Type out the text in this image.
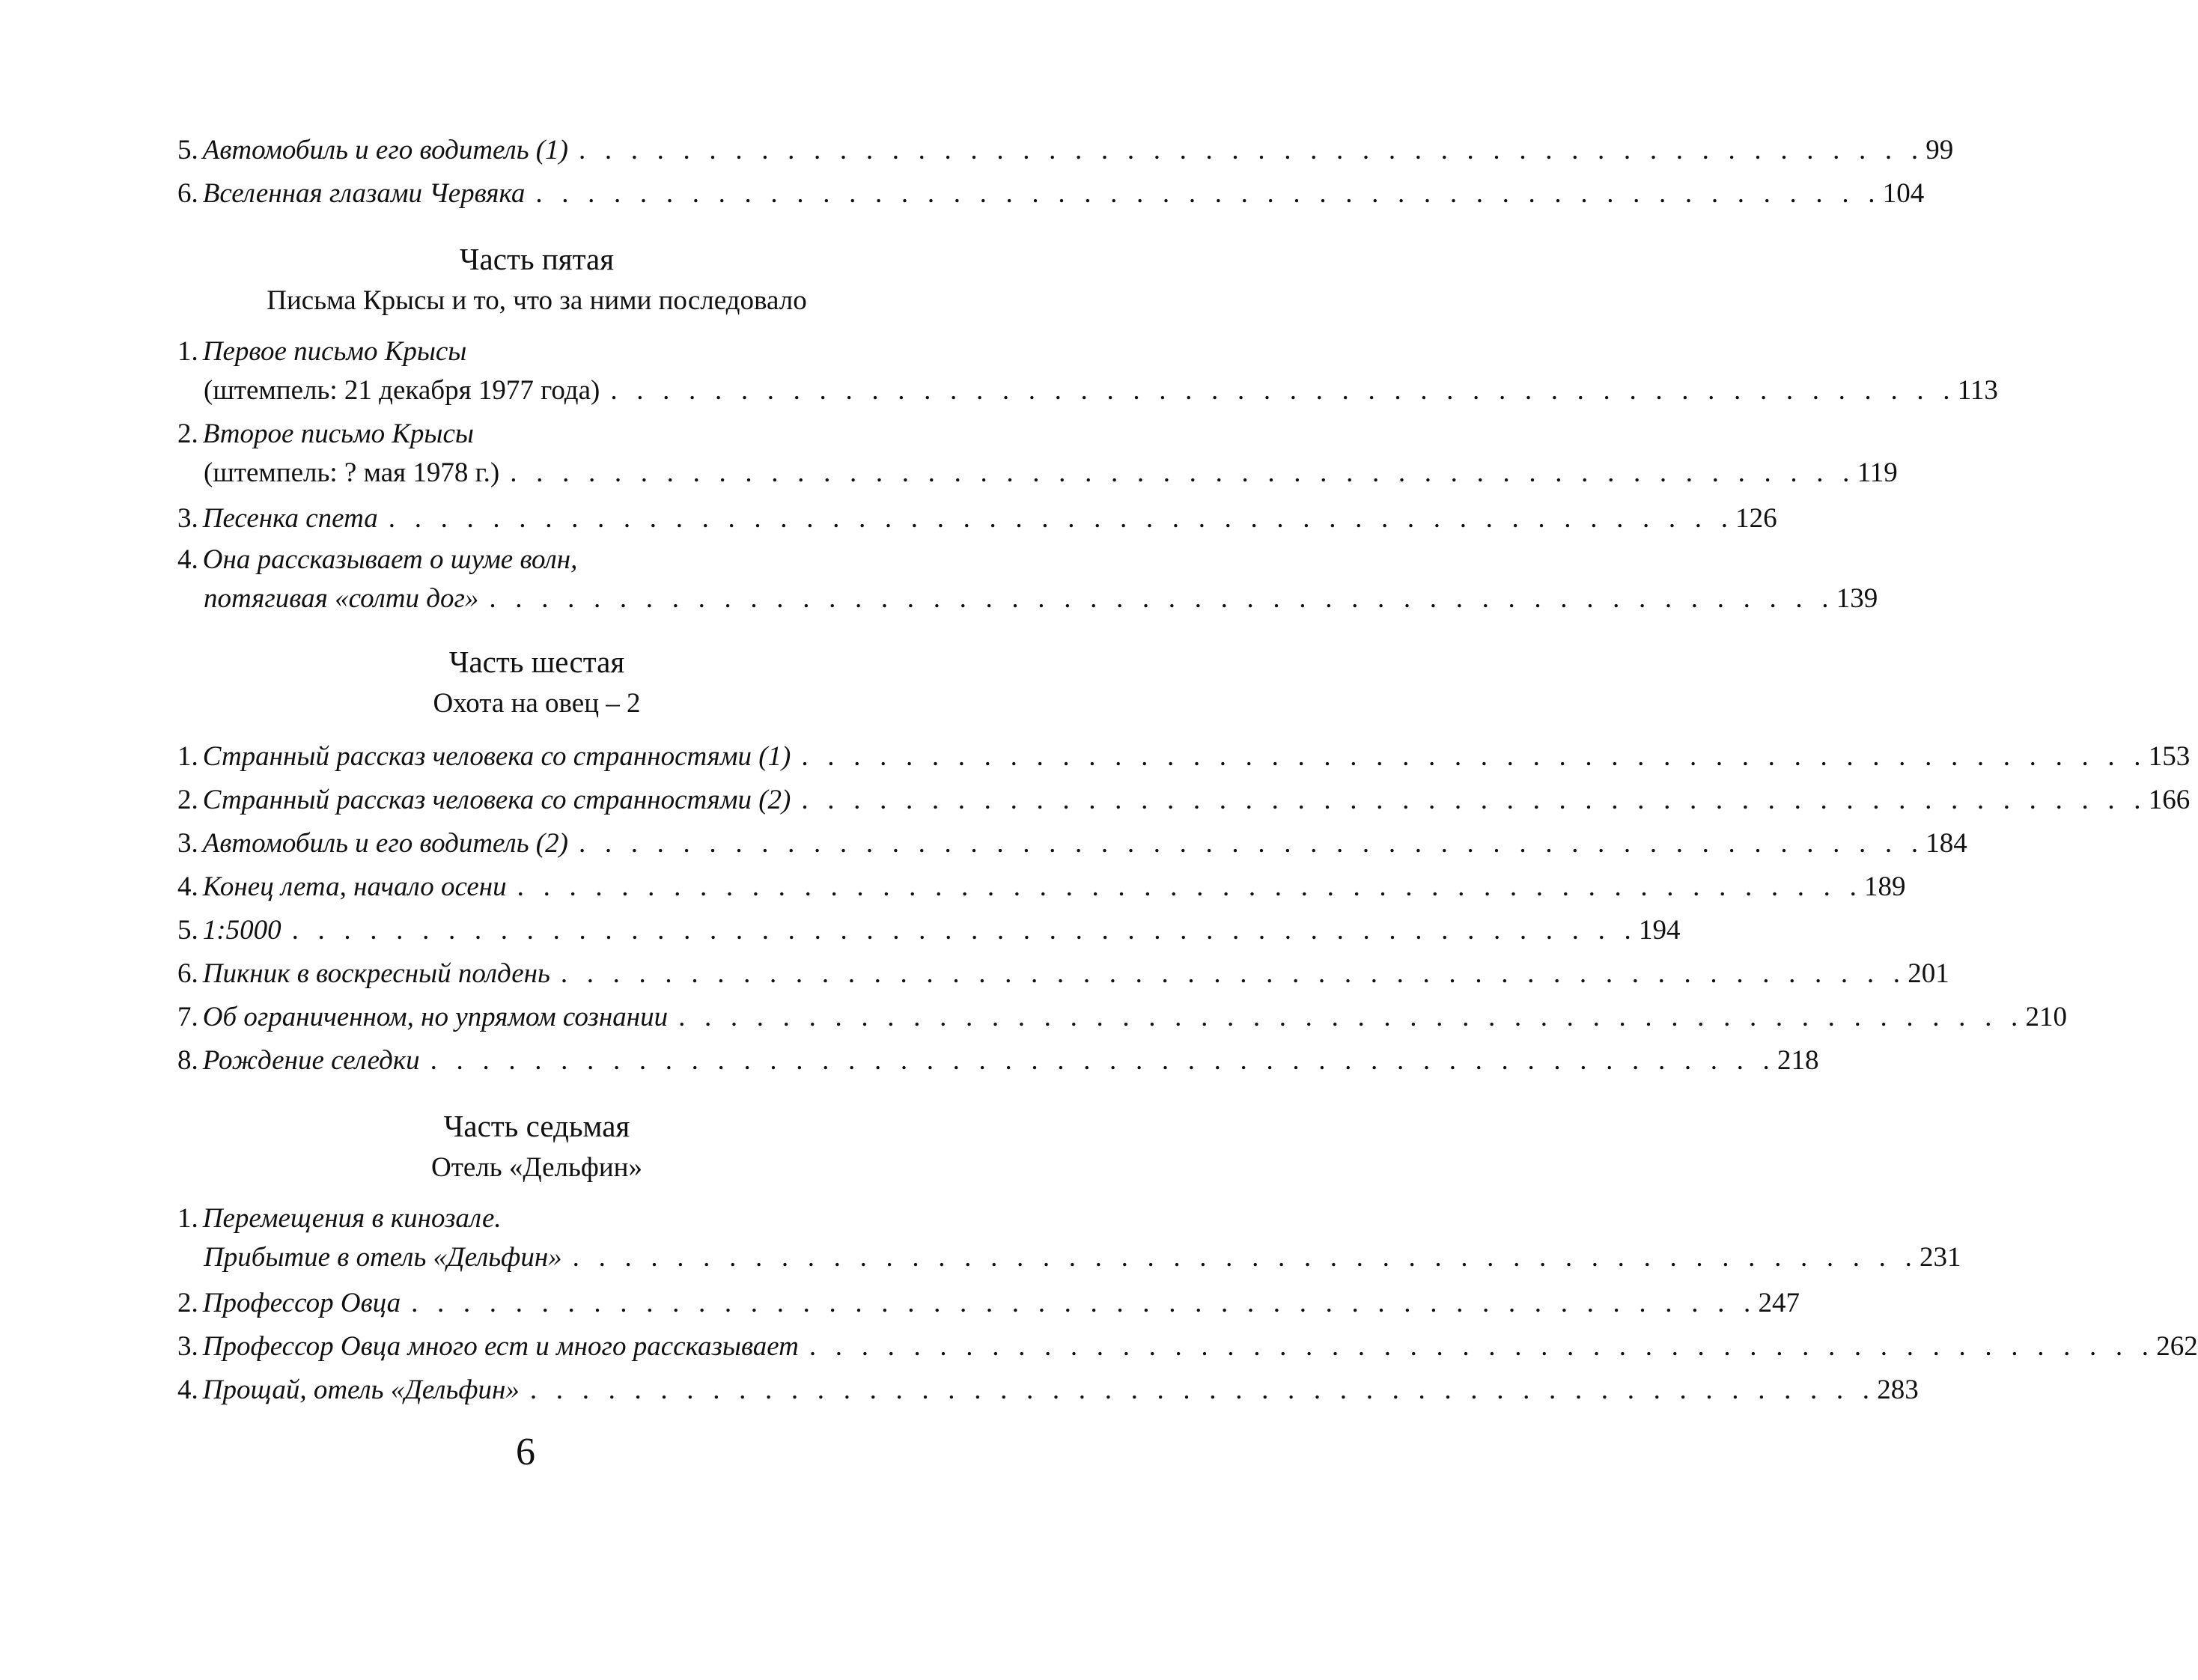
5. Автомобиль и его водитель (1) . . . . . . . . . . . . . . . . . . . . . . . . . . . . . . . . . . . . . . . . . . . . . . . . . . . . 99
6. Вселенная глазами Червяка . . . . . . . . . . . . . . . . . . . . . . . . . . . . . . . . . . . . . . . . . . . . . . . . . . . . 104
Часть пятая
Письма Крысы и то, что за ними последовало
1. Первое письмо Крысы
(штемпель: 21 декабря 1977 года) . . . . . . . . . . . . . . . . . . . . . . . . . . . . . . . . . . . . . . . . . . . . . . . . . . . . 113
2. Второе письмо Крысы
(штемпель: ? мая 1978 г.) . . . . . . . . . . . . . . . . . . . . . . . . . . . . . . . . . . . . . . . . . . . . . . . . . . . . 119
3. Песенка спета . . . . . . . . . . . . . . . . . . . . . . . . . . . . . . . . . . . . . . . . . . . . . . . . . . . . 126
4. Она рассказывает о шуме волн,
потягивая «солти дог» . . . . . . . . . . . . . . . . . . . . . . . . . . . . . . . . . . . . . . . . . . . . . . . . . . . . 139
Часть шестая
Охота на овец – 2
1. Странный рассказ человека со странностями (1) . . . . . . . . . . . . . . . . . . . . . . . . . . . . . . . . . . . . . . . . . . . . . . . . . . . . 153
2. Странный рассказ человека со странностями (2) . . . . . . . . . . . . . . . . . . . . . . . . . . . . . . . . . . . . . . . . . . . . . . . . . . . . 166
3. Автомобиль и его водитель (2) . . . . . . . . . . . . . . . . . . . . . . . . . . . . . . . . . . . . . . . . . . . . . . . . . . . . 184
4. Конец лета, начало осени . . . . . . . . . . . . . . . . . . . . . . . . . . . . . . . . . . . . . . . . . . . . . . . . . . . . 189
5. 1:5000 . . . . . . . . . . . . . . . . . . . . . . . . . . . . . . . . . . . . . . . . . . . . . . . . . . . . 194
6. Пикник в воскресный полдень . . . . . . . . . . . . . . . . . . . . . . . . . . . . . . . . . . . . . . . . . . . . . . . . . . . . 201
7. Об ограниченном, но упрямом сознании . . . . . . . . . . . . . . . . . . . . . . . . . . . . . . . . . . . . . . . . . . . . . . . . . . . . 210
8. Рождение селедки . . . . . . . . . . . . . . . . . . . . . . . . . . . . . . . . . . . . . . . . . . . . . . . . . . . . 218
Часть седьмая
Отель «Дельфин»
1. Перемещения в кинозале.
Прибытие в отель «Дельфин» . . . . . . . . . . . . . . . . . . . . . . . . . . . . . . . . . . . . . . . . . . . . . . . . . . . . 231
2. Профессор Овца . . . . . . . . . . . . . . . . . . . . . . . . . . . . . . . . . . . . . . . . . . . . . . . . . . . . 247
3. Профессор Овца много ест и много рассказывает . . . . . . . . . . . . . . . . . . . . . . . . . . . . . . . . . . . . . . . . . . . . . . . . . . . . 262
4. Прощай, отель «Дельфин» . . . . . . . . . . . . . . . . . . . . . . . . . . . . . . . . . . . . . . . . . . . . . . . . . . . . 283
6
